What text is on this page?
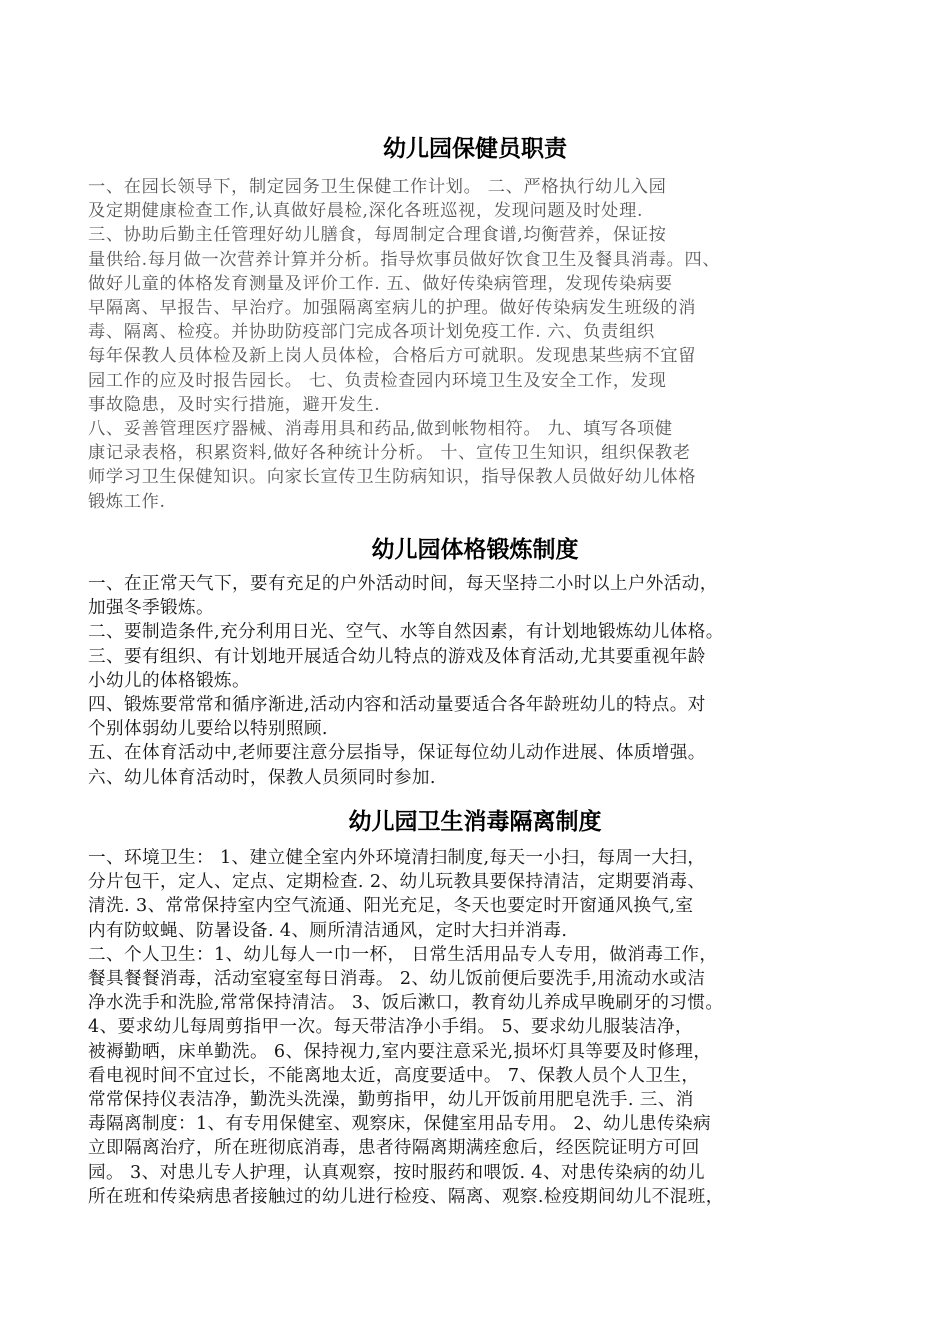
幼儿园保健员职责
一、在园长领导下，制定园务卫生保健工作计划。 二、严格执行幼儿入园
及定期健康检查工作,认真做好晨检,深化各班巡视，发现问题及时处理.
三、协助后勤主任管理好幼儿膳食，每周制定合理食谱,均衡营养，保证按
量供给.每月做一次营养计算并分析。指导炊事员做好饮食卫生及餐具消毒。四、
做好儿童的体格发育测量及评价工作. 五、做好传染病管理，发现传染病要
早隔离、早报告、早治疗。加强隔离室病儿的护理。做好传染病发生班级的消
毒、隔离、检疫。并协助防疫部门完成各项计划免疫工作. 六、负责组织
每年保教人员体检及新上岗人员体检，合格后方可就职。发现患某些病不宜留
园工作的应及时报告园长。 七、负责检查园内环境卫生及安全工作，发现
事故隐患，及时实行措施，避开发生.
八、妥善管理医疗器械、消毒用具和药品,做到帐物相符。 九、填写各项健
康记录表格，积累资料,做好各种统计分析。 十、宣传卫生知识，组织保教老
师学习卫生保健知识。向家长宣传卫生防病知识，指导保教人员做好幼儿体格
锻炼工作.
幼儿园体格锻炼制度
一、在正常天气下，要有充足的户外活动时间，每天坚持二小时以上户外活动，
加强冬季锻炼。
二、要制造条件,充分利用日光、空气、水等自然因素，有计划地锻炼幼儿体格。
三、要有组织、有计划地开展适合幼儿特点的游戏及体育活动,尤其要重视年龄
小幼儿的体格锻炼。
四、锻炼要常常和循序渐进,活动内容和活动量要适合各年龄班幼儿的特点。对
个别体弱幼儿要给以特别照顾.
五、在体育活动中,老师要注意分层指导，保证每位幼儿动作进展、体质增强。
六、幼儿体育活动时，保教人员须同时参加.
幼儿园卫生消毒隔离制度
一、环境卫生： 1、建立健全室内外环境清扫制度,每天一小扫，每周一大扫，
分片包干，定人、定点、定期检查. 2、幼儿玩教具要保持清洁，定期要消毒、
清洗. 3、常常保持室内空气流通、阳光充足，冬天也要定时开窗通风换气,室
内有防蚊蝇、防暑设备. 4、厕所清洁通风，定时大扫并消毒.
二、个人卫生：1、幼儿每人一巾一杯， 日常生活用品专人专用，做消毒工作，
餐具餐餐消毒，活动室寝室每日消毒。 2、幼儿饭前便后要洗手,用流动水或洁
净水洗手和洗脸,常常保持清洁。 3、饭后漱口，教育幼儿养成早晚刷牙的习惯。
4、要求幼儿每周剪指甲一次。每天带洁净小手绢。 5、要求幼儿服装洁净，
被褥勤晒，床单勤洗。 6、保持视力,室内要注意采光,损坏灯具等要及时修理，
看电视时间不宜过长，不能离地太近，高度要适中。 7、保教人员个人卫生，
常常保持仪表洁净，勤洗头洗澡，勤剪指甲，幼儿开饭前用肥皂洗手. 三、消
毒隔离制度：1、有专用保健室、观察床，保健室用品专用。 2、幼儿患传染病
立即隔离治疗，所在班彻底消毒，患者待隔离期满痊愈后，经医院证明方可回
园。 3、对患儿专人护理，认真观察，按时服药和喂饭. 4、对患传染病的幼儿
所在班和传染病患者接触过的幼儿进行检疫、隔离、观察.检疫期间幼儿不混班，
